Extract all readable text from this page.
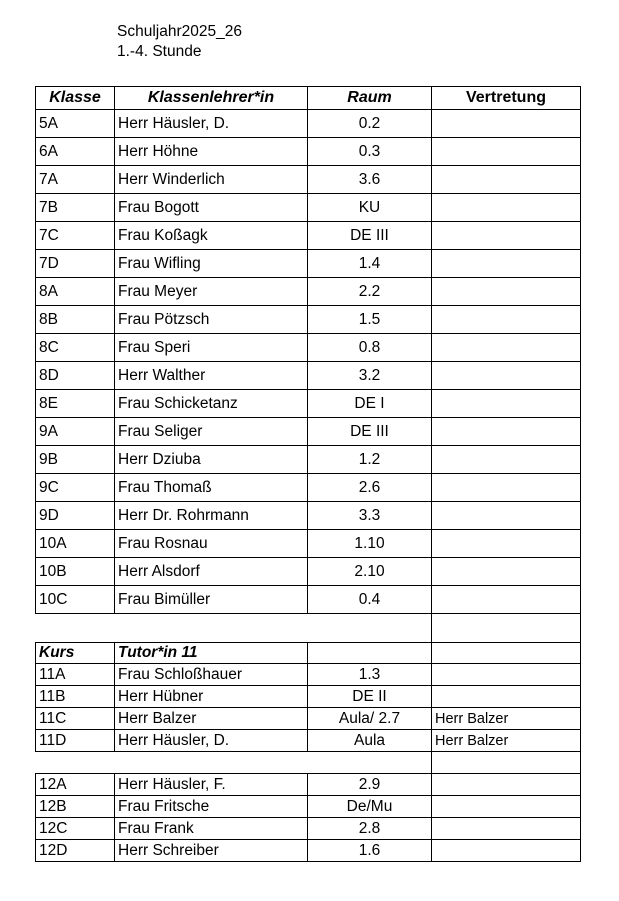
Schuljahr2025_26
1.-4. Stunde
Klasse	Klassenlehrer*in	Raum	Vertretung
5A	Herr Häusler, D.	0.2	
6A	Herr Höhne	0.3	
7A	Herr Winderlich	3.6	
7B	Frau Bogott	KU	
7C	Frau Koßagk	DE III	
7D	Frau Wifling	1.4	
8A	Frau Meyer	2.2	
8B	Frau Pötzsch	1.5	
8C	Frau Speri	0.8	
8D	Herr Walther	3.2	
8E	Frau Schicketanz	DE I	
9A	Frau Seliger	DE III	
9B	Herr Dziuba	1.2	
9C	Frau Thomaß	2.6	
9D	Herr Dr. Rohrmann	3.3	
10A	Frau Rosnau	1.10	
10B	Herr Alsdorf	2.10	
10C	Frau Bimüller	0.4	

Kurs	Tutor*in 11		
11A	Frau Schloßhauer	1.3	
11B	Herr Hübner	DE II	
11C	Herr Balzer	Aula/ 2.7	Herr Balzer
11D	Herr Häusler, D.	Aula	Herr Balzer

12A	Herr Häusler, F.	2.9	
12B	Frau Fritsche	De/Mu	
12C	Frau Frank	2.8	
12D	Herr Schreiber	1.6	
